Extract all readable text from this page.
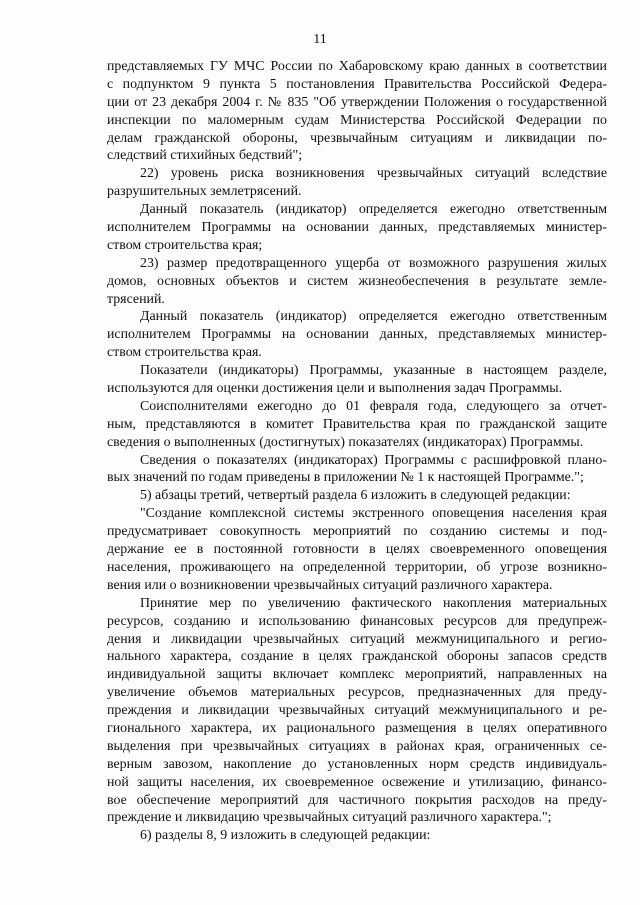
11
представляемых ГУ МЧС России по Хабаровскому краю данных в соответствии
с подпунктом 9 пункта 5 постановления Правительства Российской Федера-
ции от 23 декабря 2004 г. № 835 "Об утверждении Положения о государственной
инспекции по маломерным судам Министерства Российской Федерации по
делам гражданской обороны, чрезвычайным ситуациям и ликвидации по-
следствий стихийных бедствий";
22) уровень риска возникновения чрезвычайных ситуаций вследствие
разрушительных землетрясений.
Данный показатель (индикатор) определяется ежегодно ответственным
исполнителем Программы на основании данных, представляемых министер-
ством строительства края;
23) размер предотвращенного ущерба от возможного разрушения жилых
домов, основных объектов и систем жизнеобеспечения в результате земле-
трясений.
Данный показатель (индикатор) определяется ежегодно ответственным
исполнителем Программы на основании данных, представляемых министер-
ством строительства края.
Показатели (индикаторы) Программы, указанные в настоящем разделе,
используются для оценки достижения цели и выполнения задач Программы.
Соисполнителями ежегодно до 01 февраля года, следующего за отчет-
ным, представляются в комитет Правительства края по гражданской защите
сведения о выполненных (достигнутых) показателях (индикаторах) Программы.
Сведения о показателях (индикаторах) Программы с расшифровкой плано-
вых значений по годам приведены в приложении № 1 к настоящей Программе.";
5) абзацы третий, четвертый раздела 6 изложить в следующей редакции:
"Создание комплексной системы экстренного оповещения населения края
предусматривает совокупность мероприятий по созданию системы и под-
держание ее в постоянной готовности в целях своевременного оповещения
населения, проживающего на определенной территории, об угрозе возникно-
вения или о возникновении чрезвычайных ситуаций различного характера.
Принятие мер по увеличению фактического накопления материальных
ресурсов, созданию и использованию финансовых ресурсов для предупреж-
дения и ликвидации чрезвычайных ситуаций межмуниципального и регио-
нального характера, создание в целях гражданской обороны запасов средств
индивидуальной защиты включает комплекс мероприятий, направленных на
увеличение объемов материальных ресурсов, предназначенных для преду-
преждения и ликвидации чрезвычайных ситуаций межмуниципального и ре-
гионального характера, их рационального размещения в целях оперативного
выделения при чрезвычайных ситуациях в районах края, ограниченных се-
верным завозом, накопление до установленных норм средств индивидуаль-
ной защиты населения, их своевременное освежение и утилизацию, финансо-
вое обеспечение мероприятий для частичного покрытия расходов на преду-
преждение и ликвидацию чрезвычайных ситуаций различного характера.";
6) разделы 8, 9 изложить в следующей редакции:
